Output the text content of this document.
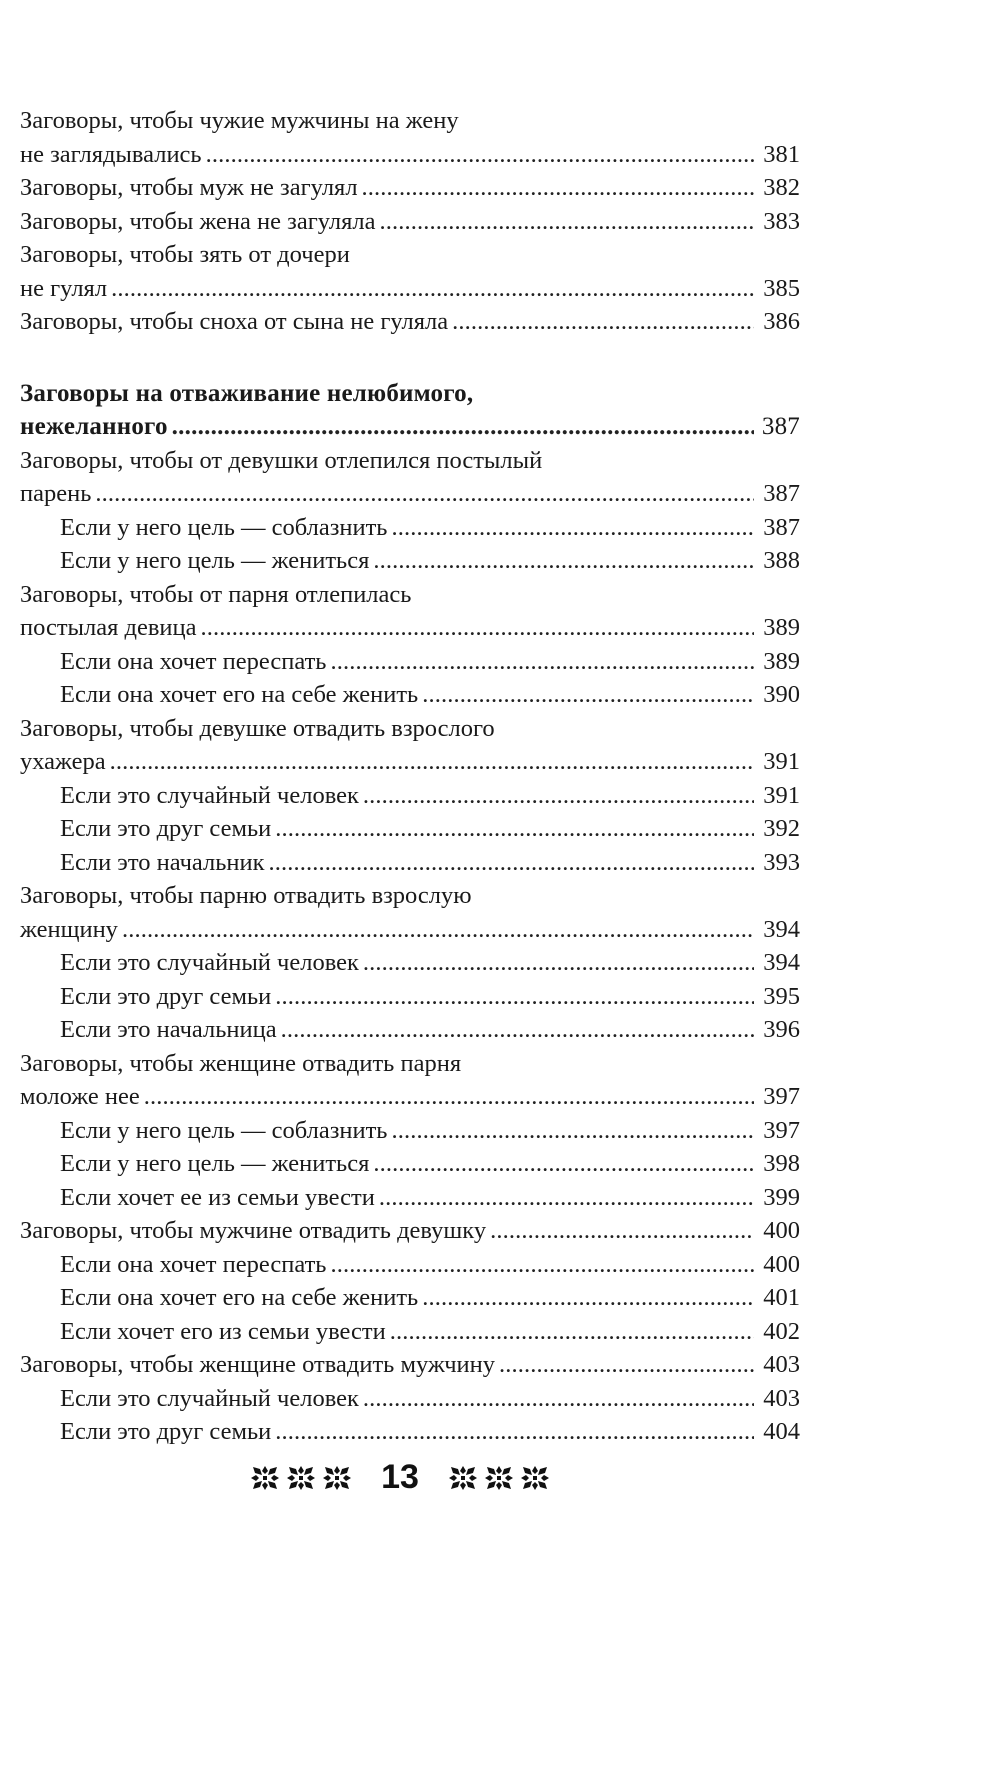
Заговоры, чтобы чужие мужчины на жену
не заглядывались . . .	381
Заговоры, чтобы муж не загулял . . .	382
Заговоры, чтобы жена не загуляла . . .	383
Заговоры, чтобы зять от дочери
не гулял . . .	385
Заговоры, чтобы сноха от сына не гуляла . . .	386
Заговоры на отваживание нелюбимого,
нежеланного . . .	387
Заговоры, чтобы от девушки отлепился постылый
парень . . .	387
Если у него цель — соблазнить . . .	387
Если у него цель — жениться . . .	388
Заговоры, чтобы от парня отлепилась
постылая девица . . .	389
Если она хочет переспать . . .	389
Если она хочет его на себе женить . . .	390
Заговоры, чтобы девушке отвадить взрослого
ухажера . . .	391
Если это случайный человек . . .	391
Если это друг семьи . . .	392
Если это начальник . . .	393
Заговоры, чтобы парню отвадить взрослую
женщину . . .	394
Если это случайный человек . . .	394
Если это друг семьи . . .	395
Если это начальница . . .	396
Заговоры, чтобы женщине отвадить парня
моложе нее . . .	397
Если у него цель — соблазнить . . .	397
Если у него цель — жениться . . .	398
Если хочет ее из семьи увести . . .	399
Заговоры, чтобы мужчине отвадить девушку . . .	400
Если она хочет переспать . . .	400
Если она хочет его на себе женить . . .	401
Если хочет его из семьи увести . . .	402
Заговоры, чтобы женщине отвадить мужчину . . .	403
Если это случайный человек . . .	403
Если это друг семьи . . .	404
13
